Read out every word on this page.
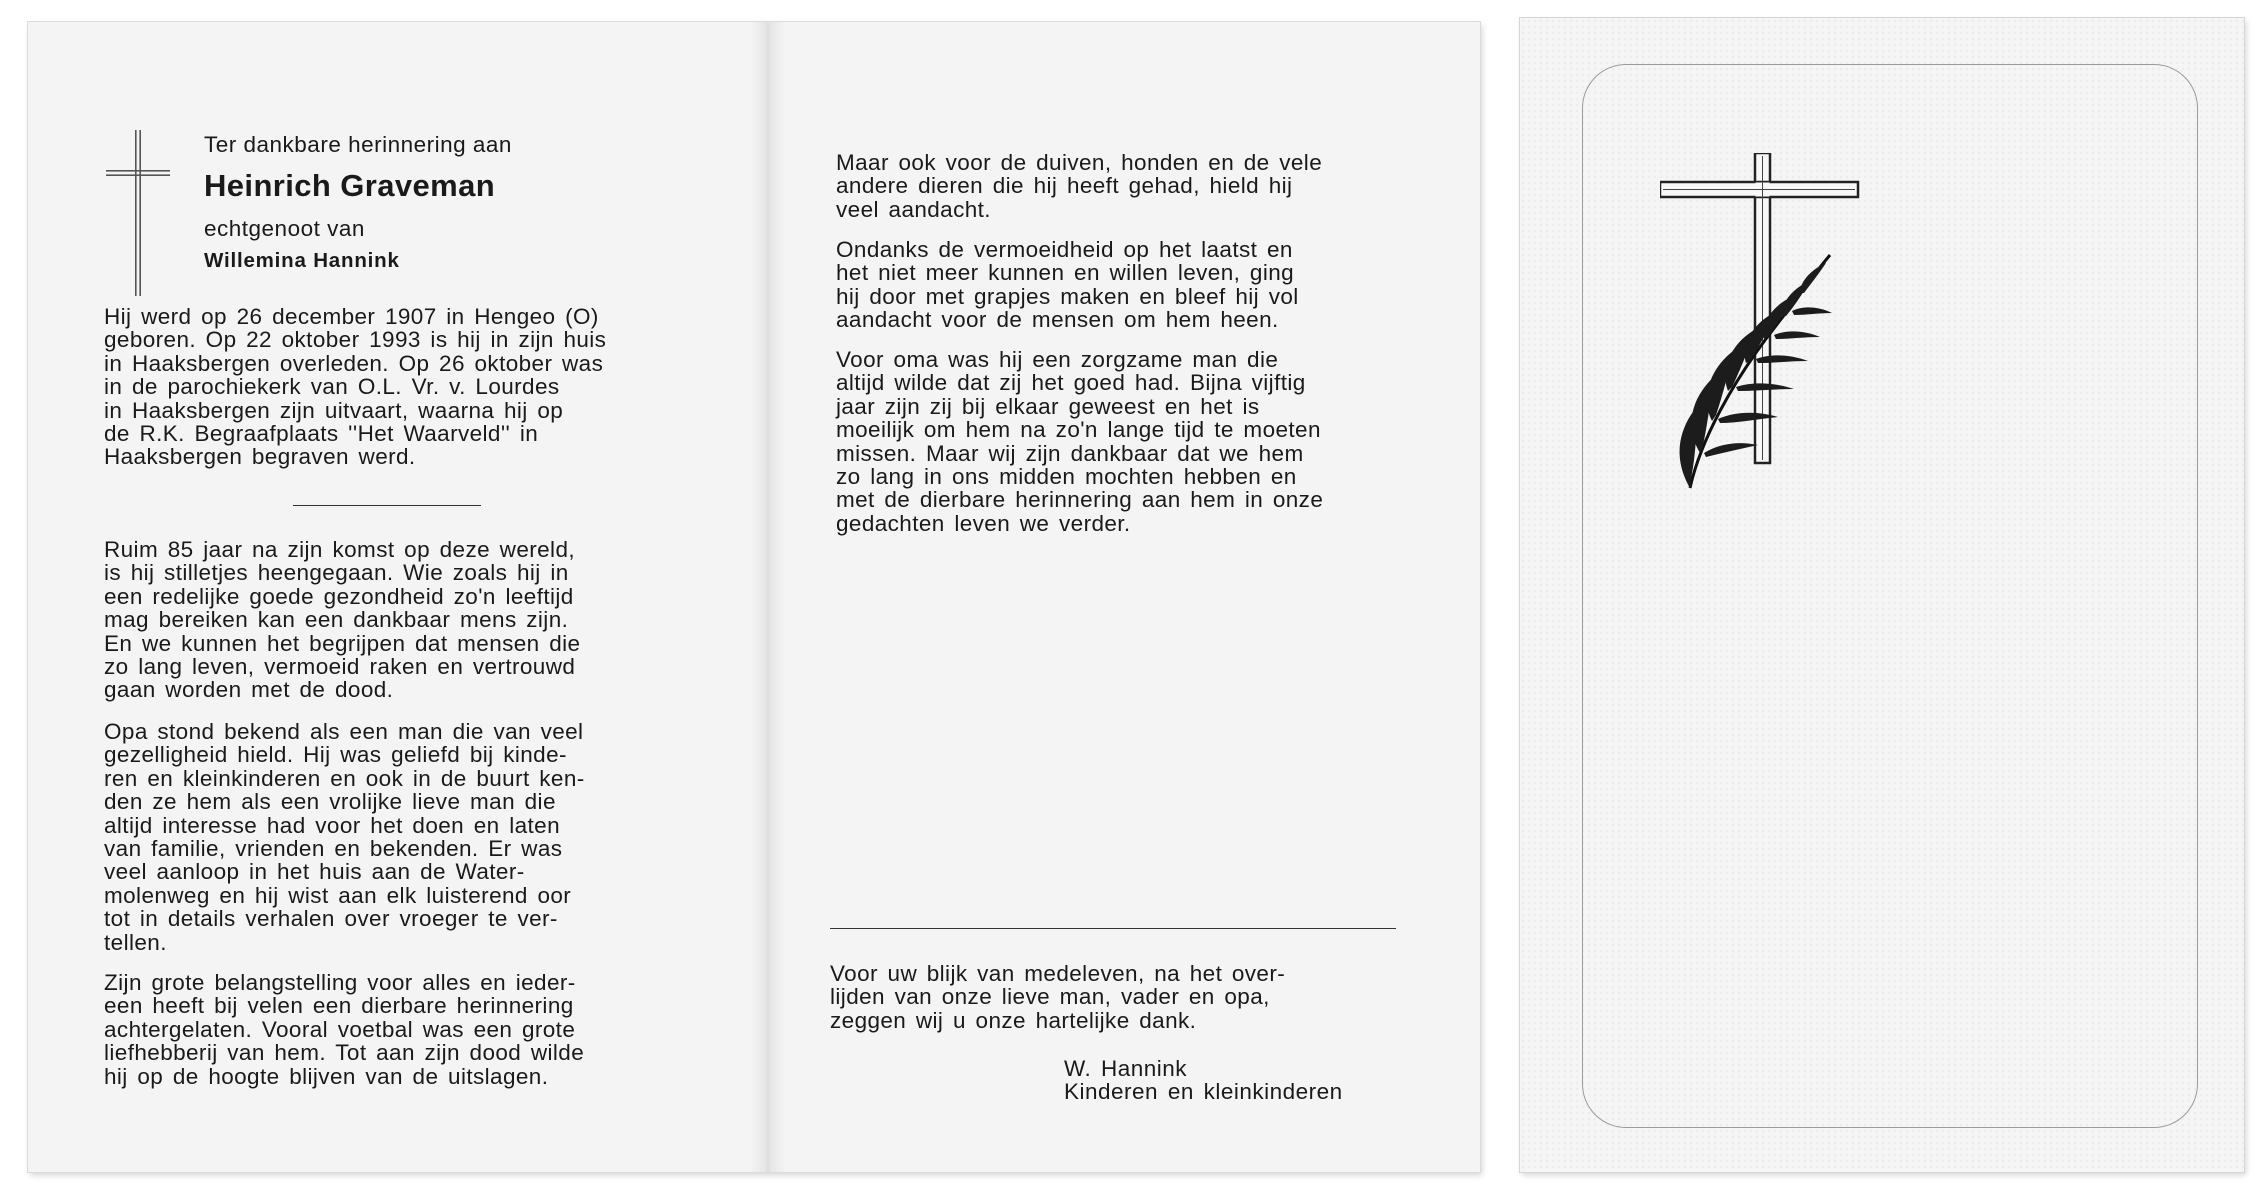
Ter dankbare herinnering aan
Heinrich Graveman
echtgenoot van
Willemina Hannink

Hij werd op 26 december 1907 in Hengeo (O)
geboren. Op 22 oktober 1993 is hij in zijn huis
in Haaksbergen overleden. Op 26 oktober was
in de parochiekerk van O.L. Vr. v. Lourdes
in Haaksbergen zijn uitvaart, waarna hij op
de R.K. Begraafplaats ''Het Waarveld'' in
Haaksbergen begraven werd.

Ruim 85 jaar na zijn komst op deze wereld,
is hij stilletjes heengegaan. Wie zoals hij in
een redelijke goede gezondheid zo'n leeftijd
mag bereiken kan een dankbaar mens zijn.
En we kunnen het begrijpen dat mensen die
zo lang leven, vermoeid raken en vertrouwd
gaan worden met de dood.

Opa stond bekend als een man die van veel
gezelligheid hield. Hij was geliefd bij kinde-
ren en kleinkinderen en ook in de buurt ken-
den ze hem als een vrolijke lieve man die
altijd interesse had voor het doen en laten
van familie, vrienden en bekenden. Er was
veel aanloop in het huis aan de Water-
molenweg en hij wist aan elk luisterend oor
tot in details verhalen over vroeger te ver-
tellen.

Zijn grote belangstelling voor alles en ieder-
een heeft bij velen een dierbare herinnering
achtergelaten. Vooral voetbal was een grote
liefhebberij van hem. Tot aan zijn dood wilde
hij op de hoogte blijven van de uitslagen.

Maar ook voor de duiven, honden en de vele
andere dieren die hij heeft gehad, hield hij
veel aandacht.

Ondanks de vermoeidheid op het laatst en
het niet meer kunnen en willen leven, ging
hij door met grapjes maken en bleef hij vol
aandacht voor de mensen om hem heen.

Voor oma was hij een zorgzame man die
altijd wilde dat zij het goed had. Bijna vijftig
jaar zijn zij bij elkaar geweest en het is
moeilijk om hem na zo'n lange tijd te moeten
missen. Maar wij zijn dankbaar dat we hem
zo lang in ons midden mochten hebben en
met de dierbare herinnering aan hem in onze
gedachten leven we verder.

Voor uw blijk van medeleven, na het over-
lijden van onze lieve man, vader en opa,
zeggen wij u onze hartelijke dank.

W. Hannink
Kinderen en kleinkinderen
